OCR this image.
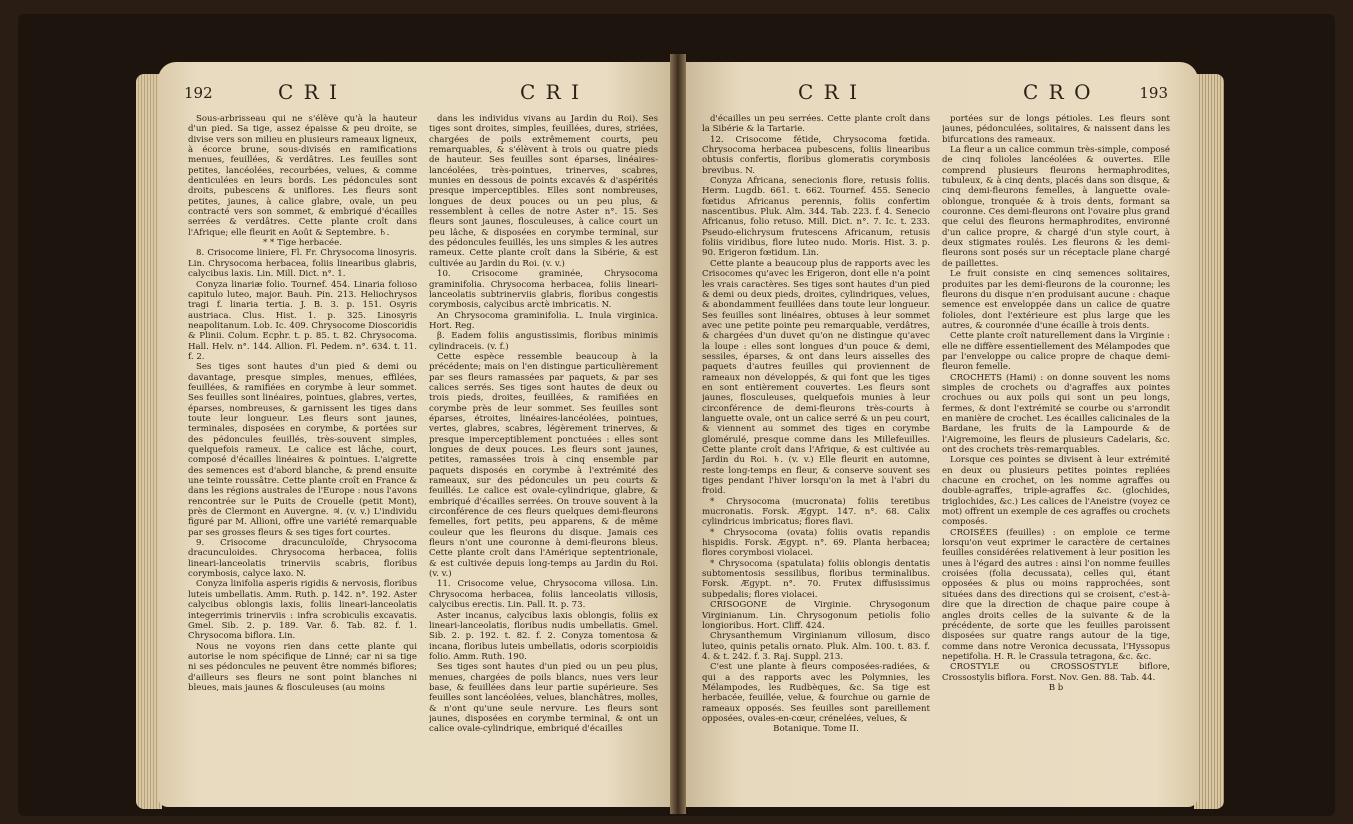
192	C R I	C R I

Sous-arbrisseau qui ne s'élève qu'à la hauteur d'un pied. Sa tige, assez épaisse & peu droite, se divise vers son milieu en plusieurs rameaux ligneux, à écorce brune, sous-divisés en ramifications menues, feuillées, & verdâtres. Les feuilles sont petites, lancéolées, recourbées, velues, & comme denticulées en leurs bords. Les pédoncules sont droits, pubescens & uniflores. Les fleurs sont petites, jaunes, à calice glabre, ovale, un peu contracté vers son sommet, & embriqué d'écailles serrées & verdâtres. Cette plante croît dans l'Afrique; elle fleurit en Août & Septembre. ♄.

* * Tige herbacée.

8. Crisocome liniere, Fl. Fr. Chrysocoma linosyris. Lin. Chrysocoma herbacea, foliis linearibus glabris, calycibus laxis. Lin. Mill. Dict. n°. 1.

Conyza linariæ folio. Tournef. 454. Linaria folioso capitulo luteo, major. Bauh. Pin. 213. Heliochrysos tragi f. linaria tertia. J. B. 3. p. 151. Osyris austriaca. Clus. Hist. 1. p. 325. Linosyris neapolitanum. Lob. Ic. 409. Chrysocome Dioscoridis & Plinii. Colum. Ecphr. t. p. 85. t. 82. Chrysocoma. Hall. Helv. n°. 144. Allion. Fl. Pedem. n°. 634. t. 11. f. 2.

Ses tiges sont hautes d'un pied & demi ou davantage, presque simples, menues, effilées, feuillées, & ramifiées en corymbe à leur sommet. Ses feuilles sont linéaires, pointues, glabres, vertes, éparses, nombreuses, & garnissent les tiges dans toute leur longueur. Les fleurs sont jaunes, terminales, disposées en corymbe, & portées sur des pédoncules feuillés, très-souvent simples, quelquefois rameux. Le calice est lâche, court, composé d'écailles linéaires & pointues. L'aigrette des semences est d'abord blanche, & prend ensuite une teinte roussâtre. Cette plante croît en France & dans les régions australes de l'Europe : nous l'avons rencontrée sur le Puits de Crouelle (petit Mont), près de Clermont en Auvergne. ♃. (v. v.) L'individu figuré par M. Allioni, offre une variété remarquable par ses grosses fleurs & ses tiges fort courtes.

9. Crisocome dracunculoïde, Chrysocoma dracunculoides. Chrysocoma herbacea, foliis lineari-lanceolatis trinerviis scabris, floribus corymbosis, calyce laxo. N.

Conyza linifolia asperis rigidis & nervosis, floribus luteis umbellatis. Amm. Ruth. p. 142. n°. 192. Aster calycibus oblongis laxis, foliis lineari-lanceolatis integerrimis trinerviis : infra scrobiculis excavatis. Gmel. Sib. 2. p. 189. Var. δ. Tab. 82. f. 1. Chrysocoma biflora. Lin.

Nous ne voyons rien dans cette plante qui autorise le nom spécifique de Linné; car ni sa tige ni ses pédoncules ne peuvent être nommés biflores; d'ailleurs ses fleurs ne sont point blanches ni bleues, mais jaunes & flosculeuses (au moins

dans les individus vivans au Jardin du Roi). Ses tiges sont droites, simples, feuillées, dures, striées, chargées de poils extrêmement courts, peu remarquables, & s'élèvent à trois ou quatre pieds de hauteur. Ses feuilles sont éparses, linéaires-lancéolées, très-pointues, trinerves, scabres, munies en dessous de points excavés & d'aspérités presque imperceptibles. Elles sont nombreuses, longues de deux pouces ou un peu plus, & ressemblent à celles de notre Aster n°. 15. Ses fleurs sont jaunes, flosculeuses, à calice court un peu lâche, & disposées en corymbe terminal, sur des pédoncules feuillés, les uns simples & les autres rameux. Cette plante croît dans la Sibérie, & est cultivée au Jardin du Roi. (v. v.)

10. Crisocome graminée, Chrysocoma graminifolia. Chrysocoma herbacea, foliis lineari-lanceolatis subtrinerviis glabris, floribus congestis corymbosis, calycibus arctè imbricatis. N.

An Chrysocoma graminifolia. L. Inula virginica. Hort. Reg.

β. Eadem foliis angustissimis, floribus minimis cylindraceis. (v. f.)

Cette espèce ressemble beaucoup à la précédente; mais on l'en distingue particulièrement par ses fleurs ramassées par paquets, & par ses calices serrés. Ses tiges sont hautes de deux ou trois pieds, droites, feuillées, & ramifiées en corymbe près de leur sommet. Ses feuilles sont éparses, étroites, linéaires-lancéolées, pointues, vertes, glabres, scabres, légèrement trinerves, & presque imperceptiblement ponctuées : elles sont longues de deux pouces. Les fleurs sont jaunes, petites, ramassées trois à cinq ensemble par paquets disposés en corymbe à l'extrémité des rameaux, sur des pédoncules un peu courts & feuillés. Le calice est ovale-cylindrique, glabre, & embriqué d'écailles serrées. On trouve souvent à la circonférence de ces fleurs quelques demi-fleurons femelles, fort petits, peu apparens, & de même couleur que les fleurons du disque. Jamais ces fleurs n'ont une couronne à demi-fleurons bleus. Cette plante croît dans l'Amérique septentrionale, & est cultivée depuis long-temps au Jardin du Roi. (v. v.)

11. Crisocome velue, Chrysocoma villosa. Lin. Chrysocoma herbacea, foliis lanceolatis villosis, calycibus erectis. Lin. Pall. It. p. 73.

Aster incanus, calycibus laxis oblongis, foliis ex lineari-lanceolatis, floribus nudis umbellatis. Gmel. Sib. 2. p. 192. t. 82. f. 2. Conyza tomentosa & incana, floribus luteis umbellatis, odoris scorpioidis folio. Amm. Ruth. 190.

Ses tiges sont hautes d'un pied ou un peu plus, menues, chargées de poils blancs, nues vers leur base, & feuillées dans leur partie supérieure. Ses feuilles sont lancéolées, velues, blanchâtres, molles, & n'ont qu'une seule nervure. Les fleurs sont jaunes, disposées en corymbe terminal, & ont un calice ovale-cylindrique, embriqué d'écailles

C R I	C R O	193

d'écailles un peu serrées. Cette plante croît dans la Sibérie & la Tartarie.

12. Crisocome fétide, Chrysocoma fœtida. Chrysocoma herbacea pubescens, foliis linearibus obtusis confertis, floribus glomeratis corymbosis brevibus. N.

Conyza Africana, senecionis flore, retusis foliis. Herm. Lugdb. 661. t. 662. Tournef. 455. Senecio fœtidus Africanus perennis, foliis confertim nascentibus. Pluk. Alm. 344. Tab. 223. f. 4. Senecio Africanus, folio retuso. Mill. Dict. n°. 7. Ic. t. 233. Pseudo-elichrysum frutescens Africanum, retusis foliis viridibus, flore luteo nudo. Moris. Hist. 3. p. 90. Erigeron fœtidum. Lin.

Cette plante a beaucoup plus de rapports avec les Crisocomes qu'avec les Erigeron, dont elle n'a point les vrais caractères. Ses tiges sont hautes d'un pied & demi ou deux pieds, droites, cylindriques, velues, & abondamment feuillées dans toute leur longueur. Ses feuilles sont linéaires, obtuses à leur sommet avec une petite pointe peu remarquable, verdâtres, & chargées d'un duvet qu'on ne distingue qu'avec la loupe : elles sont longues d'un pouce & demi, sessiles, éparses, & ont dans leurs aisselles des paquets d'autres feuilles qui proviennent de rameaux non développés, & qui font que les tiges en sont entièrement couvertes. Les fleurs sont jaunes, flosculeuses, quelquefois munies à leur circonférence de demi-fleurons très-courts à languette ovale, ont un calice serré & un peu court, & viennent au sommet des tiges en corymbe glomérulé, presque comme dans les Millefeuilles. Cette plante croît dans l'Afrique, & est cultivée au Jardin du Roi. ♄. (v. v.) Elle fleurit en automne, reste long-temps en fleur, & conserve souvent ses tiges pendant l'hiver lorsqu'on la met à l'abri du froid.

* Chrysocoma (mucronata) foliis teretibus mucronatis. Forsk. Ægypt. 147. n°. 68. Calix cylindricus imbricatus; flores flavi.

* Chrysocoma (ovata) foliis ovatis repandis hispidis. Forsk. Ægypt. n°. 69. Planta herbacea; flores corymbosi violacei.

* Chrysocoma (spatulata) foliis oblongis dentatis subtomentosis sessilibus, floribus terminalibus. Forsk. Ægypt. n°. 70. Frutex diffusissimus subpedalis; flores violacei.

CRISOGONE de Virginie. Chrysogonum Virginianum. Lin. Chrysogonum petiolis folio longioribus. Hort. Cliff. 424.

Chrysanthemum Virginianum villosum, disco luteo, quinis petalis ornato. Pluk. Alm. 100. t. 83. f. 4. & t. 242. f. 3. Raj. Suppl. 213.

C'est une plante à fleurs composées-radiées, & qui a des rapports avec les Polymnies, les Mélampodes, les Rudbèques, &c. Sa tige est herbacée, feuillée, velue, & fourchue ou garnie de rameaux opposés. Ses feuilles sont pareillement opposées, ovales-en-cœur, crénelées, velues, &

Botanique. Tome II.

portées sur de longs pétioles. Les fleurs sont jaunes, pédonculées, solitaires, & naissent dans les bifurcations des rameaux.

La fleur a un calice commun très-simple, composé de cinq folioles lancéolées & ouvertes. Elle comprend plusieurs fleurons hermaphrodites, tubuleux, & à cinq dents, placés dans son disque, & cinq demi-fleurons femelles, à languette ovale-oblongue, tronquée & à trois dents, formant sa couronne. Ces demi-fleurons ont l'ovaire plus grand que celui des fleurons hermaphrodites, environné d'un calice propre, & chargé d'un style court, à deux stigmates roulés. Les fleurons & les demi-fleurons sont posés sur un réceptacle plane chargé de paillettes.

Le fruit consiste en cinq semences solitaires, produites par les demi-fleurons de la couronne; les fleurons du disque n'en produisant aucune : chaque semence est enveloppée dans un calice de quatre folioles, dont l'extérieure est plus large que les autres, & couronnée d'une écaille à trois dents.

Cette plante croît naturellement dans la Virginie : elle ne diffère essentiellement des Mélampodes que par l'enveloppe ou calice propre de chaque demi-fleuron femelle.

CROCHETS (Hami) : on donne souvent les noms simples de crochets ou d'agraffes aux pointes crochues ou aux poils qui sont un peu longs, fermes, & dont l'extrémité se courbe ou s'arrondit en manière de crochet. Les écailles calicinales de la Bardane, les fruits de la Lampourde & de l'Aigremoine, les fleurs de plusieurs Cadelaris, &c. ont des crochets très-remarquables.

Lorsque ces pointes se divisent à leur extrémité en deux ou plusieurs petites pointes repliées chacune en crochet, on les nomme agraffes ou double-agraffes, triple-agraffes &c. (glochides, triglochides, &c.) Les calices de l'Aneistre (voyez ce mot) offrent un exemple de ces agraffes ou crochets composés.

CROISÉES (feuilles) : on emploie ce terme lorsqu'on veut exprimer le caractère de certaines feuilles considérées relativement à leur position les unes à l'égard des autres : ainsi l'on nomme feuilles croisées (folia decussata), celles qui, étant opposées & plus ou moins rapprochées, sont situées dans des directions qui se croisent, c'est-à-dire que la direction de chaque paire coupe à angles droits celles de la suivante & de la précédente, de sorte que les feuilles paroissent disposées sur quatre rangs autour de la tige, comme dans notre Veronica decussata, l'Hyssopus nepetifolia. H. R. le Crassula tetragona, &c. &c.

CROSTYLE ou CROSSOSTYLE biflore, Crossostylis biflora. Forst. Nov. Gen. 88. Tab. 44.

B b
